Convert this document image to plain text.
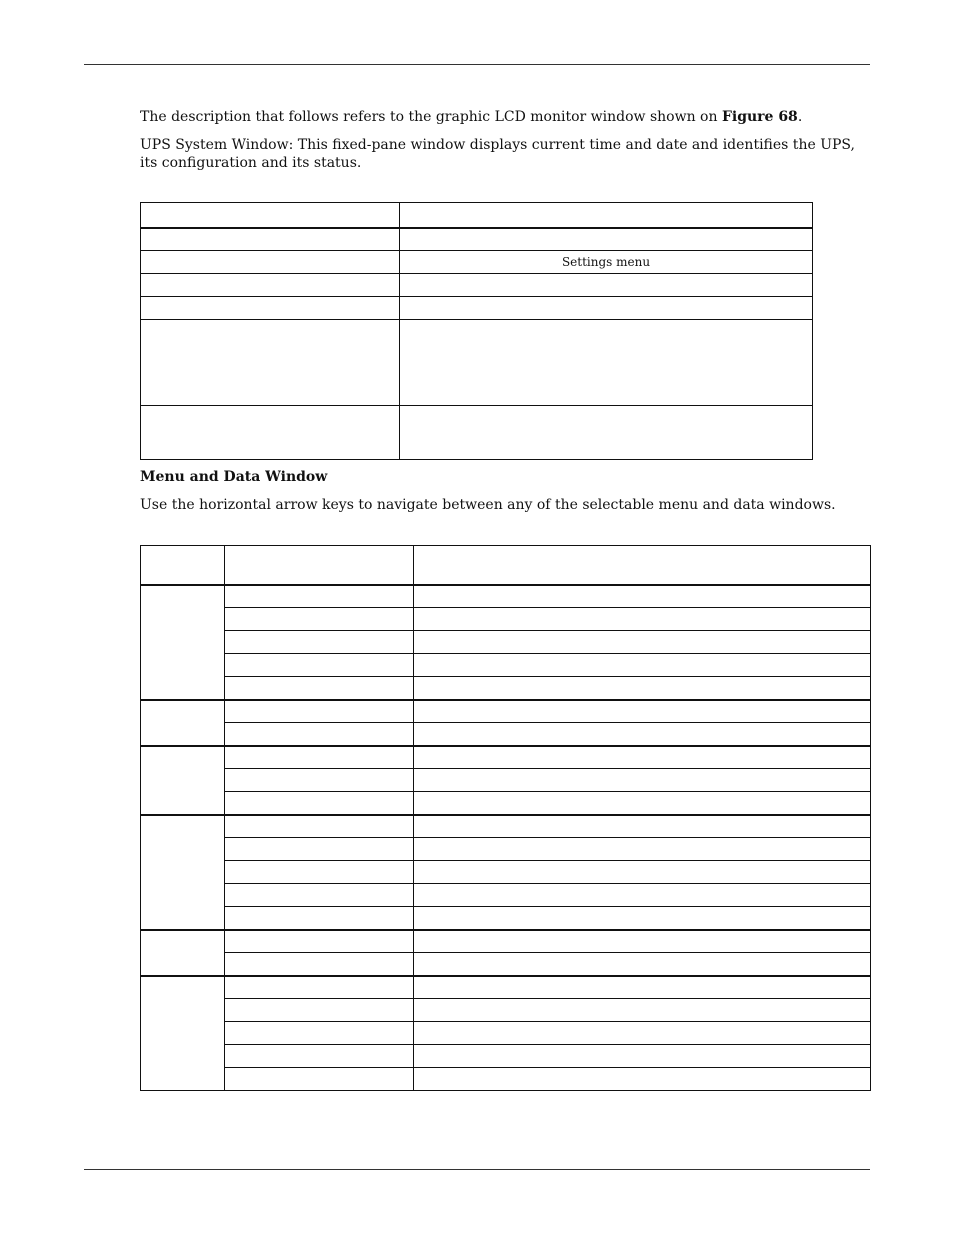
The description that follows refers to the graphic LCD monitor window shown on Figure 68.

UPS System Window: This fixed-pane window displays current time and date and identifies the UPS, its configuration and its status.

	Settings menu

Menu and Data Window

Use the horizontal arrow keys to navigate between any of the selectable menu and data windows.
